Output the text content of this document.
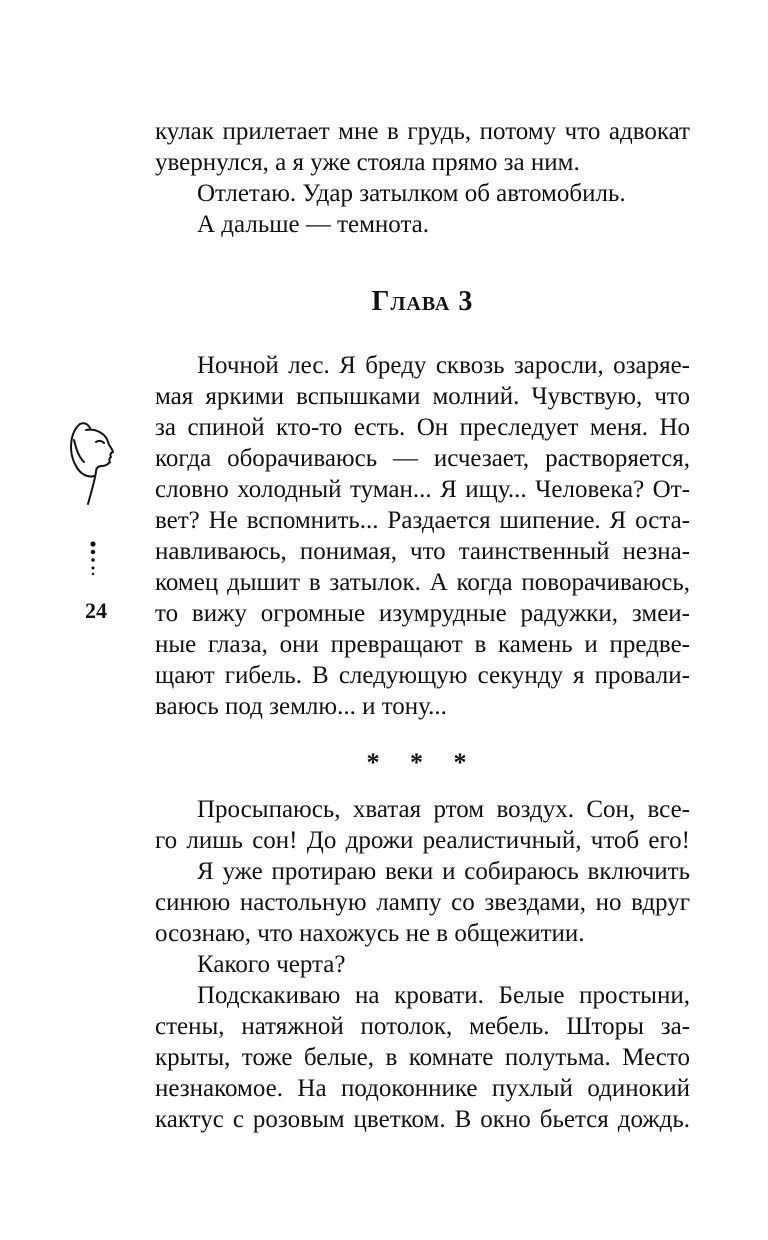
кулак прилетает мне в грудь, потому что адвокат
увернулся, а я уже стояла прямо за ним.

Отлетаю. Удар затылком об автомобиль.

А дальше — темнота.

Глава 3

Ночной лес. Я бреду сквозь заросли, озаряе-
мая яркими вспышками молний. Чувствую, что
за спиной кто-то есть. Он преследует меня. Но
когда оборачиваюсь — исчезает, растворяется,
словно холодный туман... Я ищу... Человека? От-
вет? Не вспомнить... Раздается шипение. Я оста-
навливаюсь, понимая, что таинственный незна-
комец дышит в затылок. А когда поворачиваюсь,
то вижу огромные изумрудные радужки, змеи-
ные глаза, они превращают в камень и предве-
щают гибель. В следующую секунду я провали-
ваюсь под землю... и тону...

* * *

Просыпаюсь, хватая ртом воздух. Сон, все-
го лишь сон! До дрожи реалистичный, чтоб его!

Я уже протираю веки и собираюсь включить
синюю настольную лампу со звездами, но вдруг
осознаю, что нахожусь не в общежитии.

Какого черта?

Подскакиваю на кровати. Белые простыни,
стены, натяжной потолок, мебель. Шторы за-
крыты, тоже белые, в комнате полутьма. Место
незнакомое. На подоконнике пухлый одинокий
кактус с розовым цветком. В окно бьется дождь.

24
